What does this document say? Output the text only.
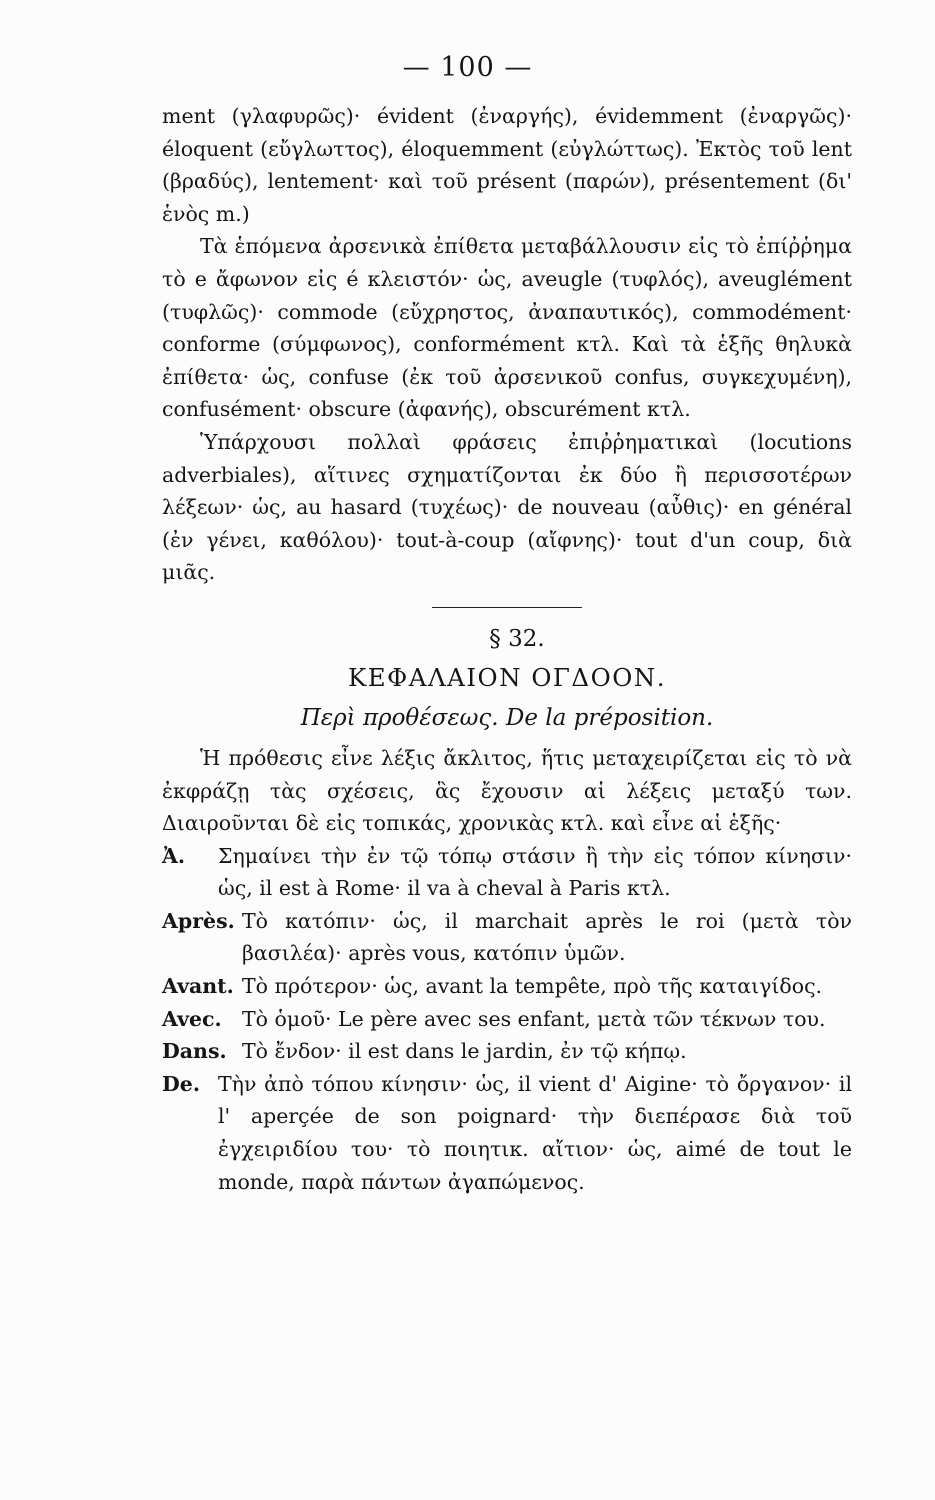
— 100 —

ment (γλαφυρῶς)· évident (ἐναργής), évidemment (ἐναργῶς)· éloquent (εὔγλωττος), éloquemment (εὐγλώττως). Ἐκτὸς τοῦ lent (βραδύς), lentement· καὶ τοῦ présent (παρών), présentement (δι' ἑνὸς m.)

Τὰ ἑπόμενα ἀρσενικὰ ἐπίθετα μεταβάλλουσιν εἰς τὸ ἐπίῤῥημα τὸ e ἄφωνον εἰς é κλειστόν· ὡς, aveugle (τυφλός), aveuglément (τυφλῶς)· commode (εὔχρηστος, ἀναπαυτικός), commodément· conforme (σύμφωνος), conformément κτλ. Καὶ τὰ ἑξῆς θηλυκὰ ἐπίθετα· ὡς, confuse (ἐκ τοῦ ἀρσενικοῦ confus, συγκεχυμένη), confusément· obscure (ἀφανής), obscurément κτλ.

Ὑπάρχουσι πολλαὶ φράσεις ἐπιῤῥηματικαὶ (locutions adverbiales), αἵτινες σχηματίζονται ἐκ δύο ἢ περισσοτέρων λέξεων· ὡς, au hasard (τυχέως)· de nouveau (αὖθις)· en général (ἐν γένει, καθόλου)· tout-à-coup (αἴφνης)· tout d'un coup, διὰ μιᾶς.

§ 32.
ΚΕΦΑΛΑΙΟΝ ΟΓΔΟΟΝ.
Περὶ προθέσεως. De la préposition.

Ἡ πρόθεσις εἶνε λέξις ἄκλιτος, ἥτις μεταχειρίζεται εἰς τὸ νὰ ἐκφράζῃ τὰς σχέσεις, ἃς ἔχουσιν αἱ λέξεις μεταξύ των. Διαιροῦνται δὲ εἰς τοπικάς, χρονικὰς κτλ. καὶ εἶνε αἱ ἑξῆς·

Ἀ.	Σημαίνει τὴν ἐν τῷ τόπῳ στάσιν ἢ τὴν εἰς τόπον κίνησιν· ὡς, il est à Rome· il va à cheval à Paris κτλ.
Après. Τὸ κατόπιν· ὡς, il marchait après le roi (μετὰ τὸν βασιλέα)· après vous, κατόπιν ὑμῶν.
Avant. Τὸ πρότερον· ὡς, avant la tempête, πρὸ τῆς καταιγίδος.
Avec. Τὸ ὁμοῦ· Le père avec ses enfant, μετὰ τῶν τέκνων του.
Dans. Τὸ ἔνδον· il est dans le jardin, ἐν τῷ κήπῳ.
De. Τὴν ἀπὸ τόπου κίνησιν· ὡς, il vient d' Aigine· τὸ ὄργανον· il l' aperçée de son poignard· τὴν διεπέρασε διὰ τοῦ ἐγχειριδίου του· τὸ ποιητικ. αἴτιον· ὡς, aimé de tout le monde, παρὰ πάντων ἀγαπώμενος.
